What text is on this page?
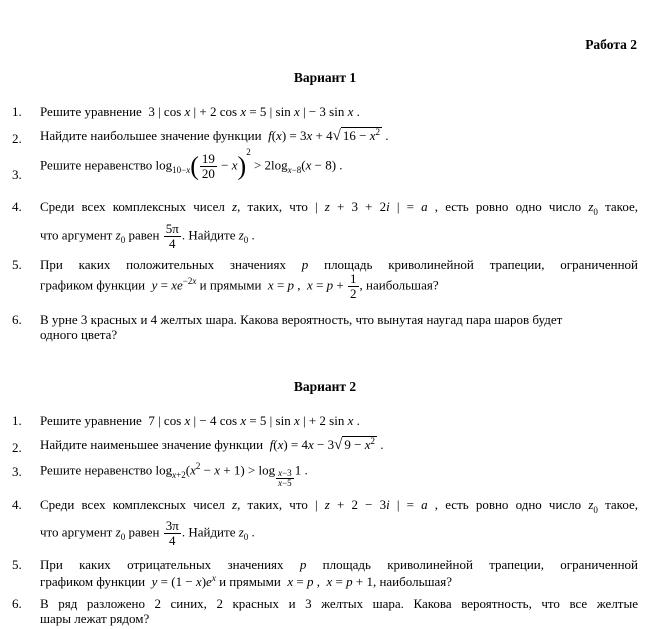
Работа 2
Вариант 1
1. Решите уравнение  3 | cos x | + 2 cos x = 5 | sin x | − 3 sin x .
2. Найдите наибольшее значение функции f(x) = 3x + 4√ $16 - x^2$ .
3.
Решите неравенство $\log_{10-x}( \frac{19}{20} - x)^2 > 2\log_{x-8}(x - 8)$ .
4. Среди всех комплексных чисел z, таких, что | z + 3 + 2i | = a , есть ровно одно число $z_0$ такое,
что аргумент $z_0$ равен $\frac{5\pi}{4}$ . Найдите $z_0$ .
5. При каких положительных значениях p площадь криволинейной трапеции, ограниченной
графиком функции $y = xe^{-2x}$ и прямыми x = p ,  $x = p + \frac{1}{2}$ , наибольшая?
6. В урне 3 красных и 4 желтых шара. Какова вероятность, что вынутая наугад пара шаров будет
одного цвета?
Вариант 2
1. Решите уравнение  7 | cos x | − 4 cos x = 5 | sin x | + 2 sin x .
2. Найдите наименьшее значение функции f(x) = 4x − 3√ $9 - x^2$ .
3. Решите неравенство $\log_{x+2}(x^2 - x + 1) > \log \frac{x-3}{x-5} 1$ .
4. Среди всех комплексных чисел z, таких, что | z + 2 − 3i | = a , есть ровно одно число $z_0$ такое,
что аргумент $z_0$ равен $\frac{3\pi}{4}$ . Найдите $z_0$ .
5. При каких отрицательных значениях p площадь криволинейной трапеции, ограниченной
графиком функции $y = (1 - x)e^x$ и прямыми x = p ,  x = p + 1, наибольшая?
6. В ряд разложено 2 синих, 2 красных и 3 желтых шара. Какова вероятность, что все желтые
шары лежат рядом?
